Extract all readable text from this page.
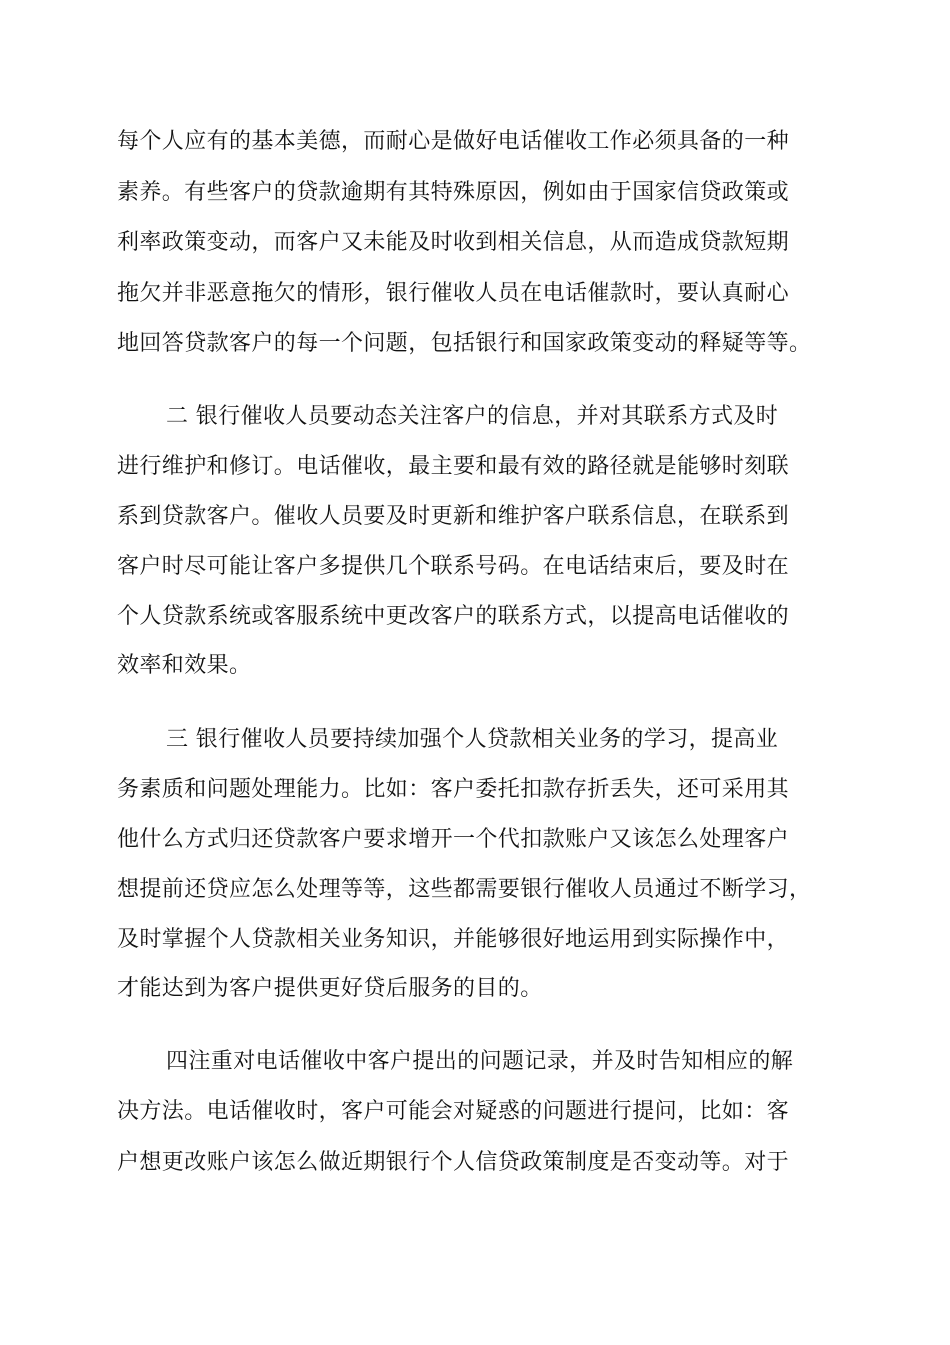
每个人应有的基本美德，而耐心是做好电话催收工作必须具备的一种
素养。有些客户的贷款逾期有其特殊原因，例如由于国家信贷政策或
利率政策变动，而客户又未能及时收到相关信息，从而造成贷款短期
拖欠并非恶意拖欠的情形，银行催收人员在电话催款时，要认真耐心
地回答贷款客户的每一个问题，包括银行和国家政策变动的释疑等等。
二 银行催收人员要动态关注客户的信息，并对其联系方式及时
进行维护和修订。电话催收，最主要和最有效的路径就是能够时刻联
系到贷款客户。催收人员要及时更新和维护客户联系信息，在联系到
客户时尽可能让客户多提供几个联系号码。在电话结束后，要及时在
个人贷款系统或客服系统中更改客户的联系方式，以提高电话催收的
效率和效果。
三 银行催收人员要持续加强个人贷款相关业务的学习，提高业
务素质和问题处理能力。比如：客户委托扣款存折丢失，还可采用其
他什么方式归还贷款客户要求增开一个代扣款账户又该怎么处理客户
想提前还贷应怎么处理等等，这些都需要银行催收人员通过不断学习，
及时掌握个人贷款相关业务知识，并能够很好地运用到实际操作中，
才能达到为客户提供更好贷后服务的目的。
四注重对电话催收中客户提出的问题记录，并及时告知相应的解
决方法。电话催收时，客户可能会对疑惑的问题进行提问，比如：客
户想更改账户该怎么做近期银行个人信贷政策制度是否变动等。对于
